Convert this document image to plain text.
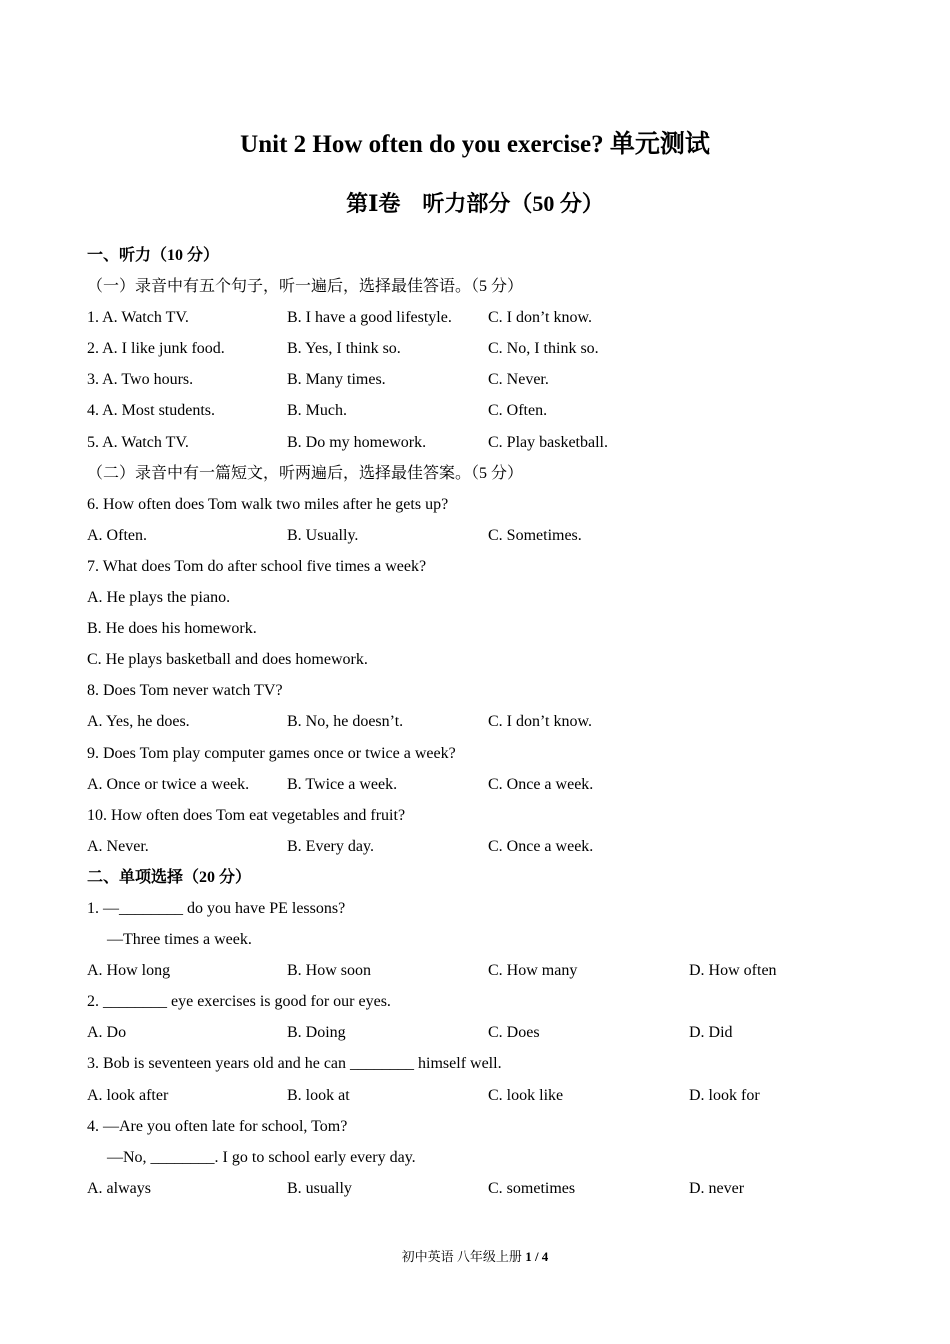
Unit 2 How often do you exercise? 单元测试
第Ⅰ卷　听力部分（50 分）
一、听力（10 分）
（一）录音中有五个句子，听一遍后，选择最佳答语。（5 分）
1. A. Watch TV.	B. I have a good lifestyle. C. I don’t know.
2. A. I like junk food.	B. Yes, I think so.	C. No, I think so.
3. A. Two hours.	B. Many times.	C. Never.
4. A. Most students.	B. Much.	C. Often.
5. A. Watch TV.	B. Do my homework.	C. Play basketball.
（二）录音中有一篇短文，听两遍后，选择最佳答案。（5 分）
6. How often does Tom walk two miles after he gets up?
A. Often.	B. Usually.	C. Sometimes.
7. What does Tom do after school five times a week?
A. He plays the piano.
B. He does his homework.
C. He plays basketball and does homework.
8. Does Tom never watch TV?
A. Yes, he does.	B. No, he doesn’t.	C. I don’t know.
9. Does Tom play computer games once or twice a week?
A. Once or twice a week. B. Twice a week.	C. Once a week.
10. How often does Tom eat vegetables and fruit?
A. Never.	B. Every day.	C. Once a week.
二、单项选择（20 分）
1. —________ do you have PE lessons?
—Three times a week.
A. How long	B. How soon	C. How many	D. How often
2. ________ eye exercises is good for our eyes.
A. Do	B. Doing	C. Does	D. Did
3. Bob is seventeen years old and he can ________ himself well.
A. look after	B. look at	C. look like	D. look for
4. —Are you often late for school, Tom?
—No, ________. I go to school early every day.
A. always	B. usually	C. sometimes	D. never
初中英语 八年级上册 1 / 4
